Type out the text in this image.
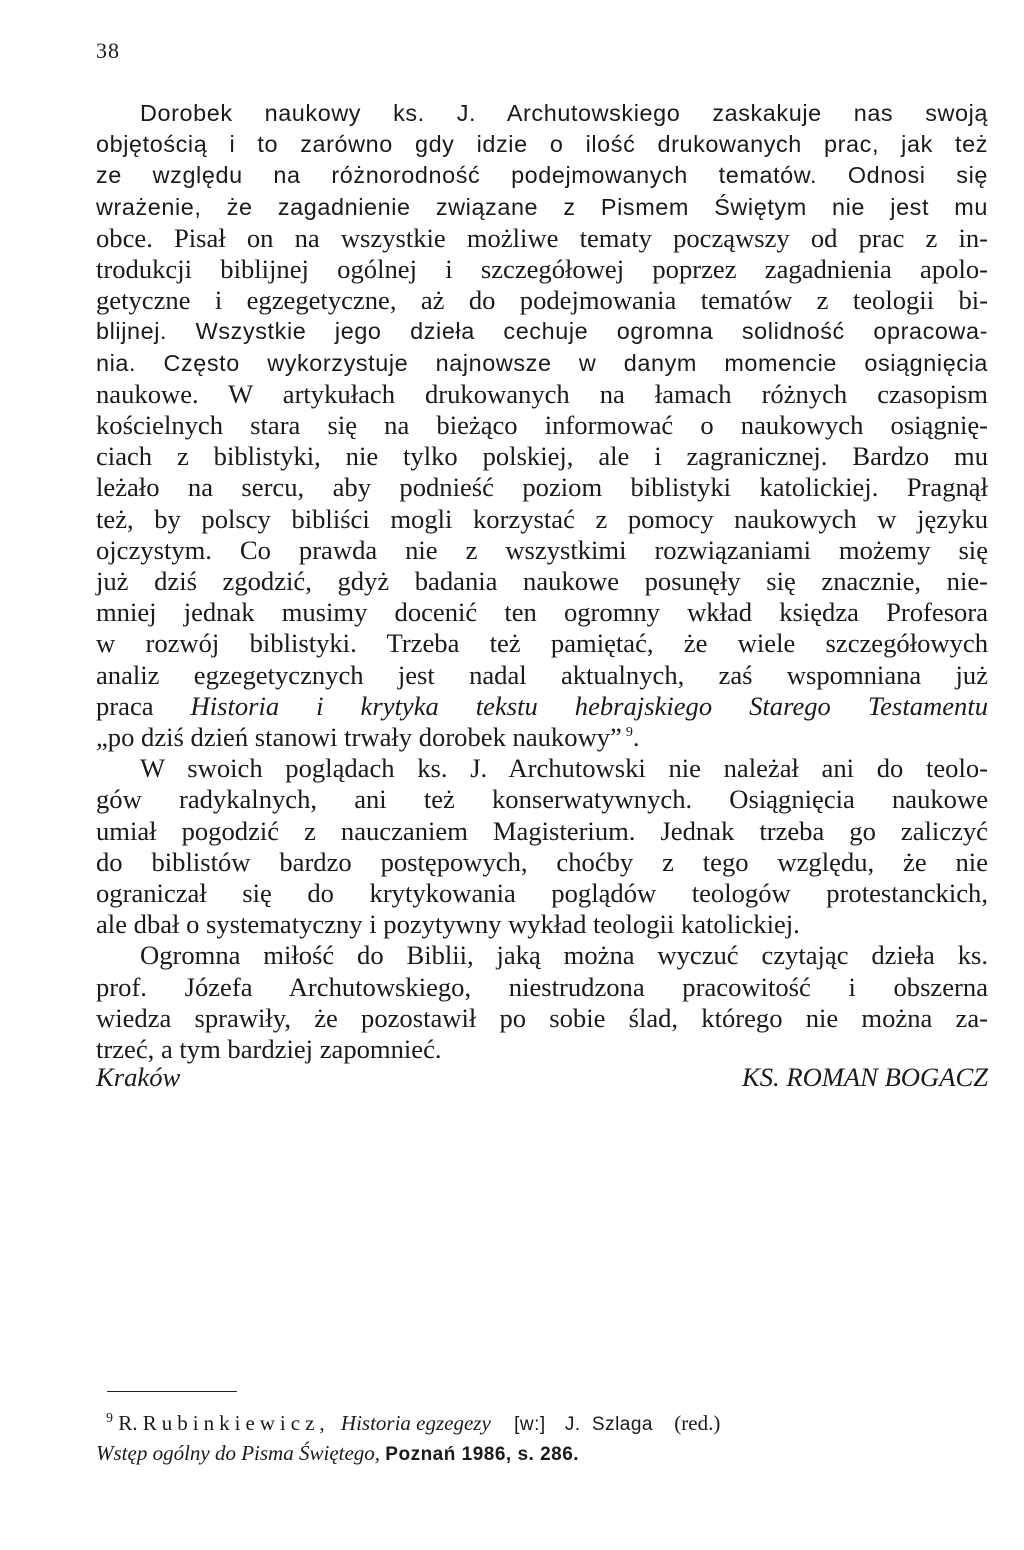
38

Dorobek naukowy ks. J. Archutowskiego zaskakuje nas swoją
objętością i to zarówno gdy idzie o ilość drukowanych prac, jak też
ze względu na różnorodność podejmowanych tematów. Odnosi się
wrażenie, że zagadnienie związane z Pismem Świętym nie jest mu
obce. Pisał on na wszystkie możliwe tematy począwszy od prac z in-
trodukcji biblijnej ogólnej i szczegółowej poprzez zagadnienia apolo-
getyczne i egzegetyczne, aż do podejmowania tematów z teologii bi-
blijnej. Wszystkie jego dzieła cechuje ogromna solidność opracowa-
nia. Często wykorzystuje najnowsze w danym momencie osiągnięcia
naukowe. W artykułach drukowanych na łamach różnych czasopism
kościelnych stara się na bieżąco informować o naukowych osiągnię-
ciach z biblistyki, nie tylko polskiej, ale i zagranicznej. Bardzo mu
leżało na sercu, aby podnieść poziom biblistyki katolickiej. Pragnął
też, by polscy bibliści mogli korzystać z pomocy naukowych w języku
ojczystym. Co prawda nie z wszystkimi rozwiązaniami możemy się
już dziś zgodzić, gdyż badania naukowe posunęły się znacznie, nie-
mniej jednak musimy docenić ten ogromny wkład księdza Profesora
w rozwój biblistyki. Trzeba też pamiętać, że wiele szczegółowych
analiz egzegetycznych jest nadal aktualnych, zaś wspomniana już
praca Historia i krytyka tekstu hebrajskiego Starego Testamentu
„po dziś dzień stanowi trwały dorobek naukowy” $^9$.

W swoich poglądach ks. J. Archutowski nie należał ani do teolo-
gów radykalnych, ani też konserwatywnych. Osiągnięcia naukowe
umiał pogodzić z nauczaniem Magisterium. Jednak trzeba go zaliczyć
do biblistów bardzo postępowych, choćby z tego względu, że nie
ograniczał się do krytykowania poglądów teologów protestanckich,
ale dbał o systematyczny i pozytywny wykład teologii katolickiej.

Ogromna miłość do Biblii, jaką można wyczuć czytając dzieła ks.
prof. Józefa Archutowskiego, niestrudzona pracowitość i obszerna
wiedza sprawiły, że pozostawił po sobie ślad, którego nie można za-
trzeć, a tym bardziej zapomnieć.

Kraków	KS. ROMAN BOGACZ
$^9$ R. Rubinkiewicz, Historia egzegezy [w:] J. Szlaga (red.)
Wstęp ogólny do Pisma Świętego, Poznań 1986, s. 286.
